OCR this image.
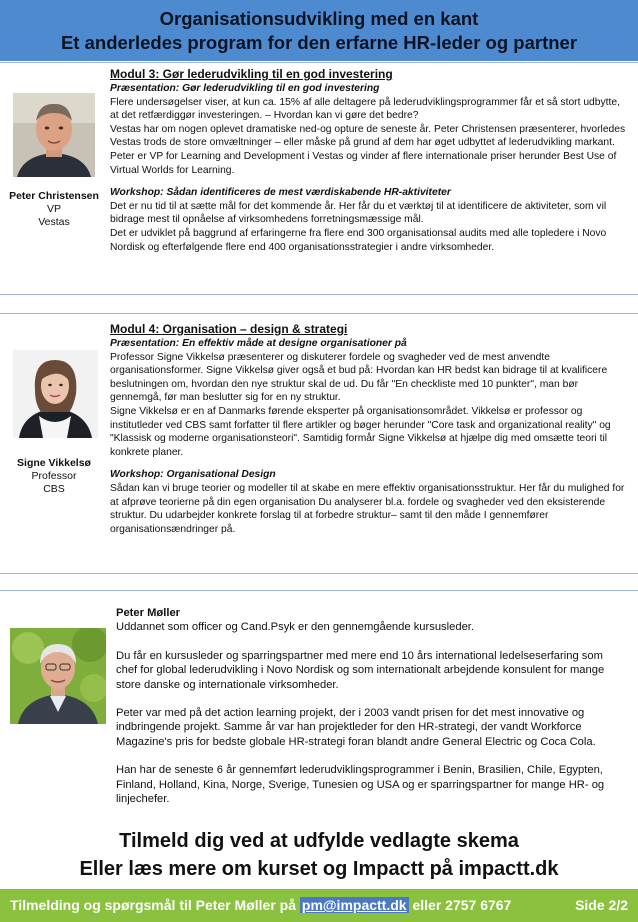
Organisationsudvikling med en kant
Et anderledes program for den erfarne HR-leder og partner
Peter Christensen
VP
Vestas
Modul 3: Gør lederudvikling til en god investering
Præsentation: Gør lederudvikling til en god investering
Flere undersøgelser viser, at kun ca. 15% af alle deltagere på lederudviklingsprogrammer får et så stort udbytte, at det retfærdiggør investeringen. – Hvordan kan vi gøre det bedre?
Vestas har om nogen oplevet dramatiske ned-og opture de seneste år. Peter Christensen præsenterer, hvorledes Vestas trods de store omvæltninger – eller måske på grund af dem har øget udbyttet af lederudvikling markant.
Peter er VP for Learning and Development i Vestas og vinder af flere internationale priser herunder Best Use of Virtual Worlds for Learning.
Workshop: Sådan identificeres de mest værdiskabende HR-aktiviteter
Det er nu tid til at sætte mål for det kommende år. Her får du et værktøj til at identificere de aktiviteter, som vil bidrage mest til opnåelse af virksomhedens forretningsmæssige mål.
Det er udviklet på baggrund af erfaringerne fra flere end 300 organisationsal audits med alle topledere i Novo Nordisk og efterfølgende flere end 400 organisationsstrategier i andre virksomheder.
Signe Vikkelsø
Professor
CBS
Modul 4: Organisation – design & strategi
Præsentation: En effektiv måde at designe organisationer på
Professor Signe Vikkelsø præsenterer og diskuterer fordele og svagheder ved de mest anvendte organisationsformer. Signe Vikkelsø giver også et bud på: Hvordan kan HR bedst kan bidrage til at kvalificere beslutningen om, hvordan den nye struktur skal de ud. Du får "En checkliste med 10 punkter", man bør gennemgå, før man beslutter sig for en ny struktur.
Signe Vikkelsø er en af Danmarks førende eksperter på organisationsområdet. Vikkelsø er professor og institutleder ved CBS samt forfatter til flere artikler og bøger herunder "Core task and organizational reality" og "Klassisk og moderne organisationsteori". Samtidig formår Signe Vikkelsø at hjælpe dig med omsætte teori til konkrete planer.
Workshop: Organisational Design
Sådan kan vi bruge teorier og modeller til at skabe en mere effektiv organisationsstruktur. Her får du mulighed for at afprøve teorierne på din egen organisation Du analyserer bl.a. fordele og svagheder ved den eksisterende struktur. Du udarbejder konkrete forslag til at forbedre struktur– samt til den måde I gennemfører organisationsændringer på.
Peter Møller

Uddannet som officer og Cand.Psyk er den gennemgående kursusleder.

Du får en kursusleder og sparringspartner med mere end 10 års international ledelseserfaring som chef for global lederudvikling i Novo Nordisk og som internationalt arbejdende konsulent for mange store danske og internationale virksomheder.

Peter var med på det action learning projekt, der i 2003 vandt prisen for det mest innovative og indbringende projekt. Samme år var han projektleder for den HR-strategi, der vandt Workforce Magazine's pris for bedste globale HR-strategi foran blandt andre General Electric og Coca Cola.

Han har de seneste 6 år gennemført lederudviklingsprogrammer i Benin, Brasilien, Chile, Egypten, Finland, Holland, Kina, Norge, Sverige, Tunesien og USA og er sparringspartner for mange HR- og linjechefer.

Tilmeld dig ved at udfylde vedlagte skema
Eller læs mere om kurset og Impactt på impactt.dk
Tilmelding og spørgsmål til Peter Møller på pm@impactt.dk eller 2757 6767	Side 2/2
